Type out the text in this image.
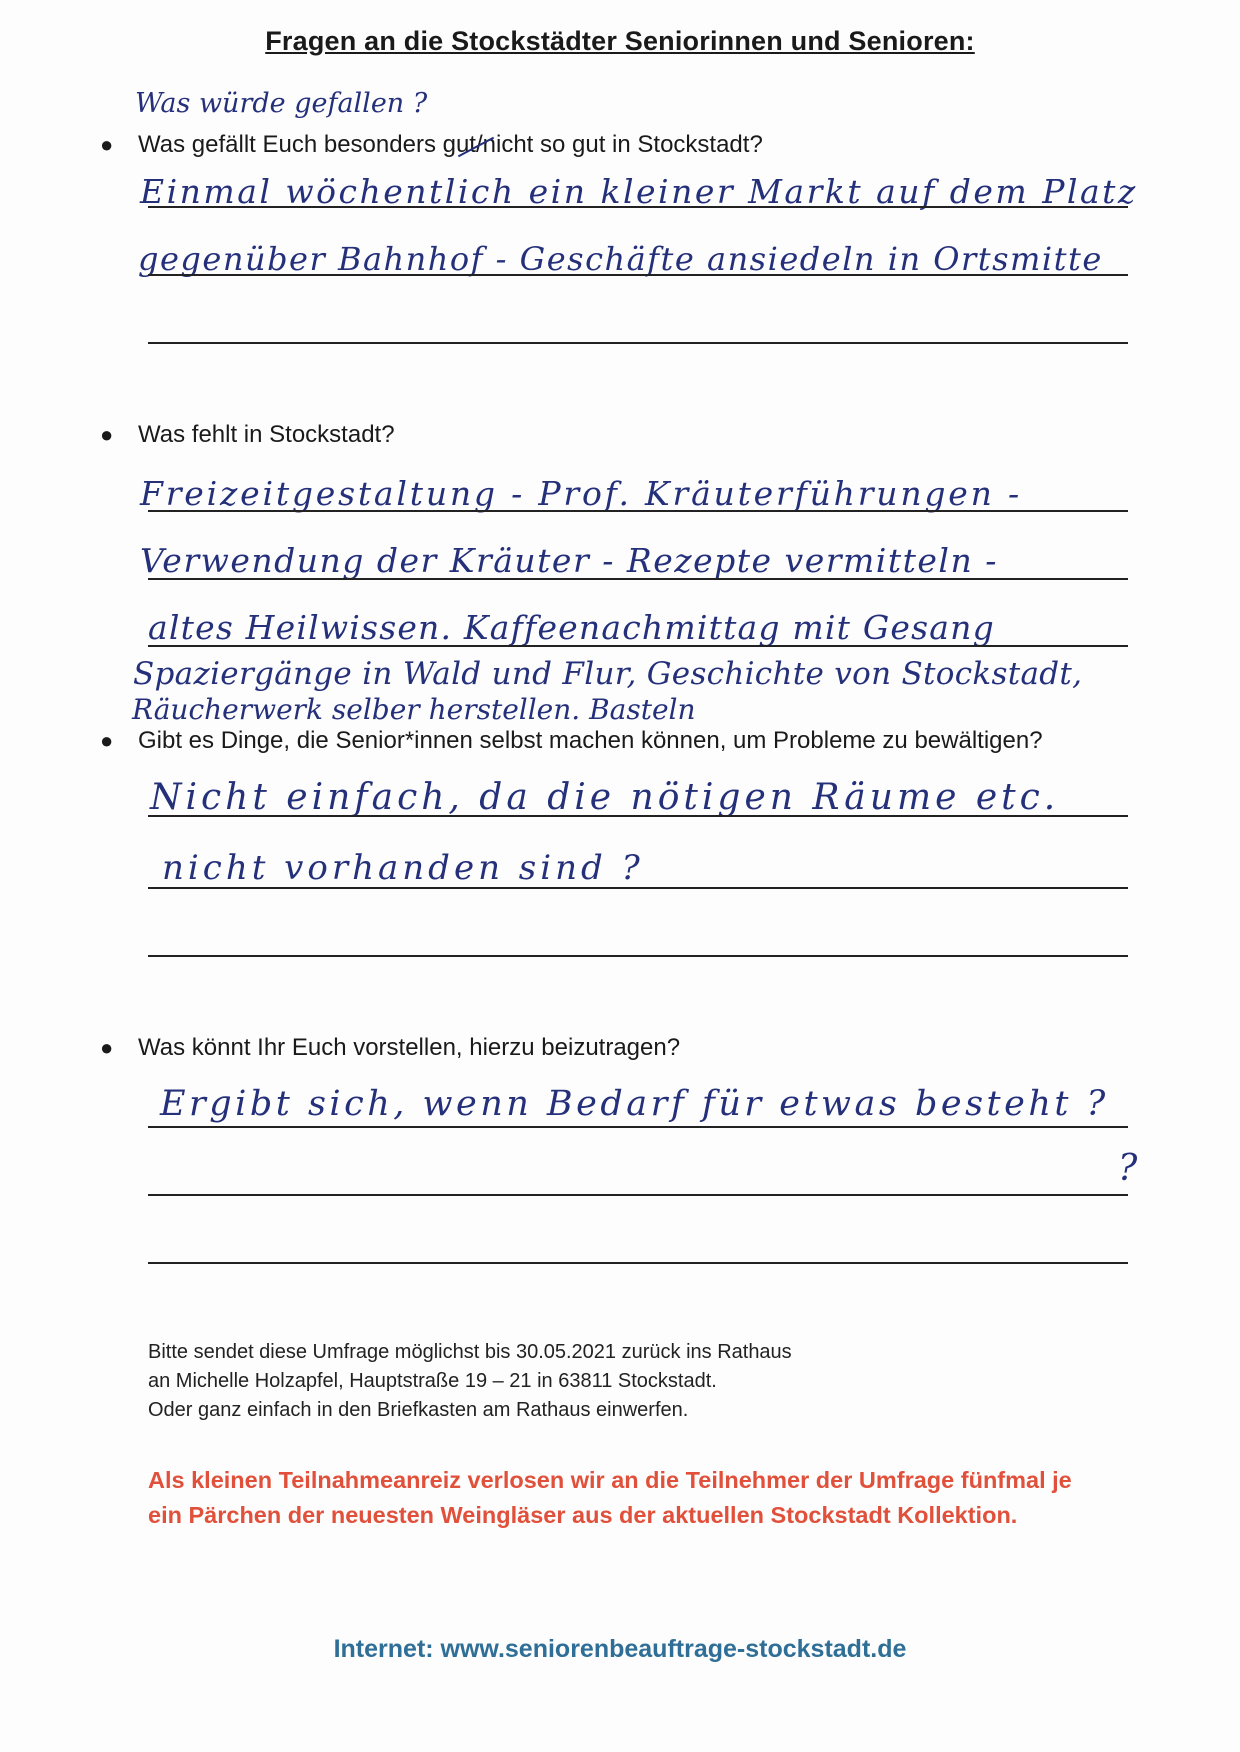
Fragen an die Stockstädter Seniorinnen und Senioren:
Was würde gefallen ?
● Was gefällt Euch besonders gut/nicht so gut in Stockstadt?
Einmal wöchentlich ein kleiner Markt auf dem Platz
gegenüber Bahnhof - Geschäfte ansiedeln in Ortsmitte
● Was fehlt in Stockstadt?
Freizeitgestaltung - Prof. Kräuterführungen -
Verwendung der Kräuter - Rezepte vermitteln -
altes Heilwissen. Kaffeenachmittag mit Gesang
Spaziergänge in Wald und Flur, Geschichte von Stockstadt,
Räucherwerk selber herstellen. Basteln
● Gibt es Dinge, die Senior*innen selbst machen können, um Probleme zu bewältigen?
Nicht einfach, da die nötigen Räume etc.
nicht vorhanden sind ?
● Was könnt Ihr Euch vorstellen, hierzu beizutragen?
Ergibt sich, wenn Bedarf für etwas besteht ?
?
Bitte sendet diese Umfrage möglichst bis 30.05.2021 zurück ins Rathaus
an Michelle Holzapfel, Hauptstraße 19 – 21 in 63811 Stockstadt.
Oder ganz einfach in den Briefkasten am Rathaus einwerfen.
Als kleinen Teilnahmeanreiz verlosen wir an die Teilnehmer der Umfrage fünfmal je
ein Pärchen der neuesten Weingläser aus der aktuellen Stockstadt Kollektion.
Internet: www.seniorenbeauftrage-stockstadt.de
